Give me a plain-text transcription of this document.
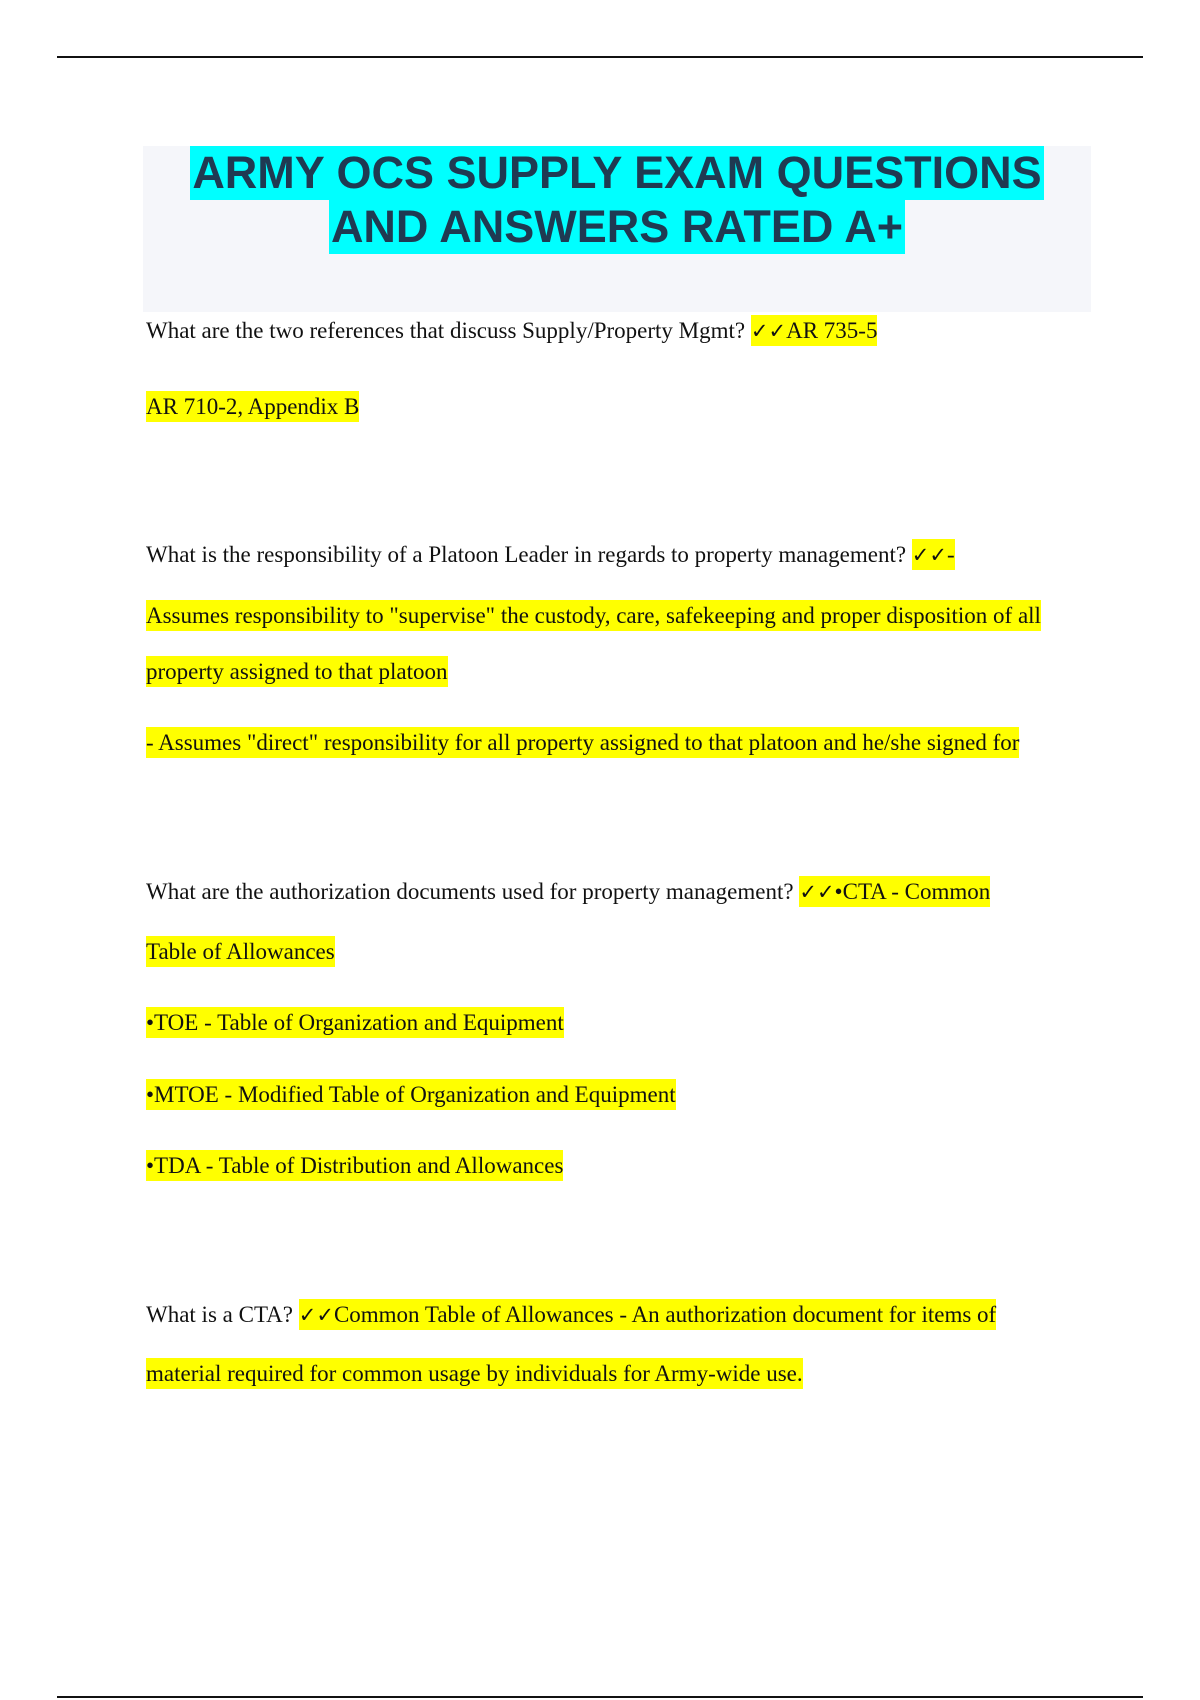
ARMY OCS SUPPLY EXAM QUESTIONS
AND ANSWERS RATED A+
What are the two references that discuss Supply/Property Mgmt? ✓✓AR 735-5
AR 710-2, Appendix B
What is the responsibility of a Platoon Leader in regards to property management? ✓✓-
Assumes responsibility to "supervise" the custody, care, safekeeping and proper disposition of all
property assigned to that platoon
- Assumes "direct" responsibility for all property assigned to that platoon and he/she signed for
What are the authorization documents used for property management? ✓✓•CTA - Common
Table of Allowances
•TOE - Table of Organization and Equipment
•MTOE - Modified Table of Organization and Equipment
•TDA - Table of Distribution and Allowances
What is a CTA? ✓✓Common Table of Allowances - An authorization document for items of
material required for common usage by individuals for Army-wide use.
